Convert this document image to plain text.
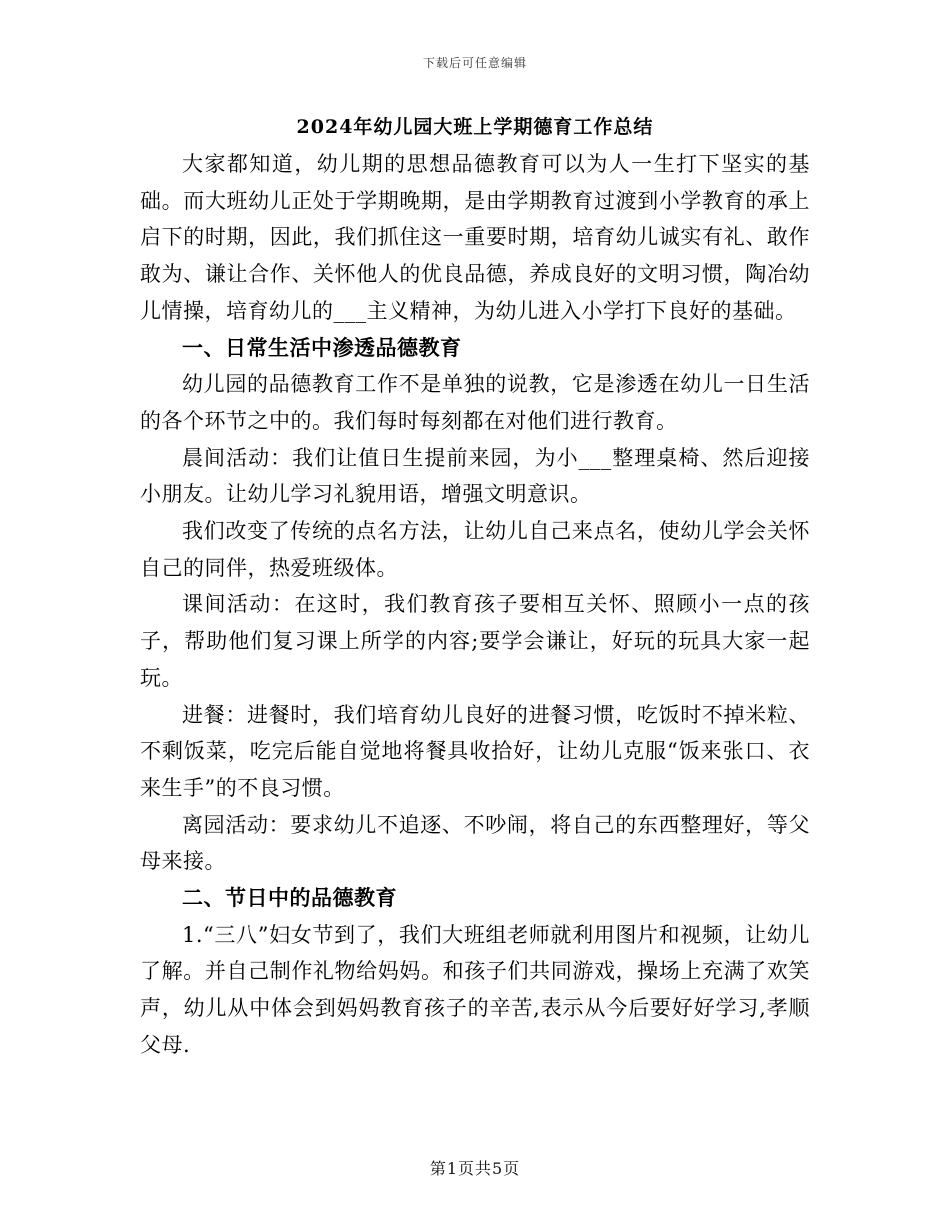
下载后可任意编辑
2024年幼儿园大班上学期德育工作总结

大家都知道，幼儿期的思想品德教育可以为人一生打下坚实的基础。而大班幼儿正处于学期晚期，是由学期教育过渡到小学教育的承上启下的时期，因此，我们抓住这一重要时期，培育幼儿诚实有礼、敢作敢为、谦让合作、关怀他人的优良品德，养成良好的文明习惯，陶冶幼儿情操，培育幼儿的___主义精神，为幼儿进入小学打下良好的基础。

一、日常生活中渗透品德教育

幼儿园的品德教育工作不是单独的说教，它是渗透在幼儿一日生活的各个环节之中的。我们每时每刻都在对他们进行教育。

晨间活动：我们让值日生提前来园，为小___整理桌椅、然后迎接小朋友。让幼儿学习礼貌用语，增强文明意识。

我们改变了传统的点名方法，让幼儿自己来点名，使幼儿学会关怀自己的同伴，热爱班级体。

课间活动：在这时，我们教育孩子要相互关怀、照顾小一点的孩子，帮助他们复习课上所学的内容;要学会谦让，好玩的玩具大家一起玩。

进餐：进餐时，我们培育幼儿良好的进餐习惯，吃饭时不掉米粒、不剩饭菜，吃完后能自觉地将餐具收拾好，让幼儿克服“饭来张口、衣来生手”的不良习惯。

离园活动：要求幼儿不追逐、不吵闹，将自己的东西整理好，等父母来接。

二、节日中的品德教育

1.“三八”妇女节到了，我们大班组老师就利用图片和视频，让幼儿了解。并自己制作礼物给妈妈。和孩子们共同游戏，操场上充满了欢笑声，幼儿从中体会到妈妈教育孩子的辛苦,表示从今后要好好学习,孝顺父母.

第1页共5页
